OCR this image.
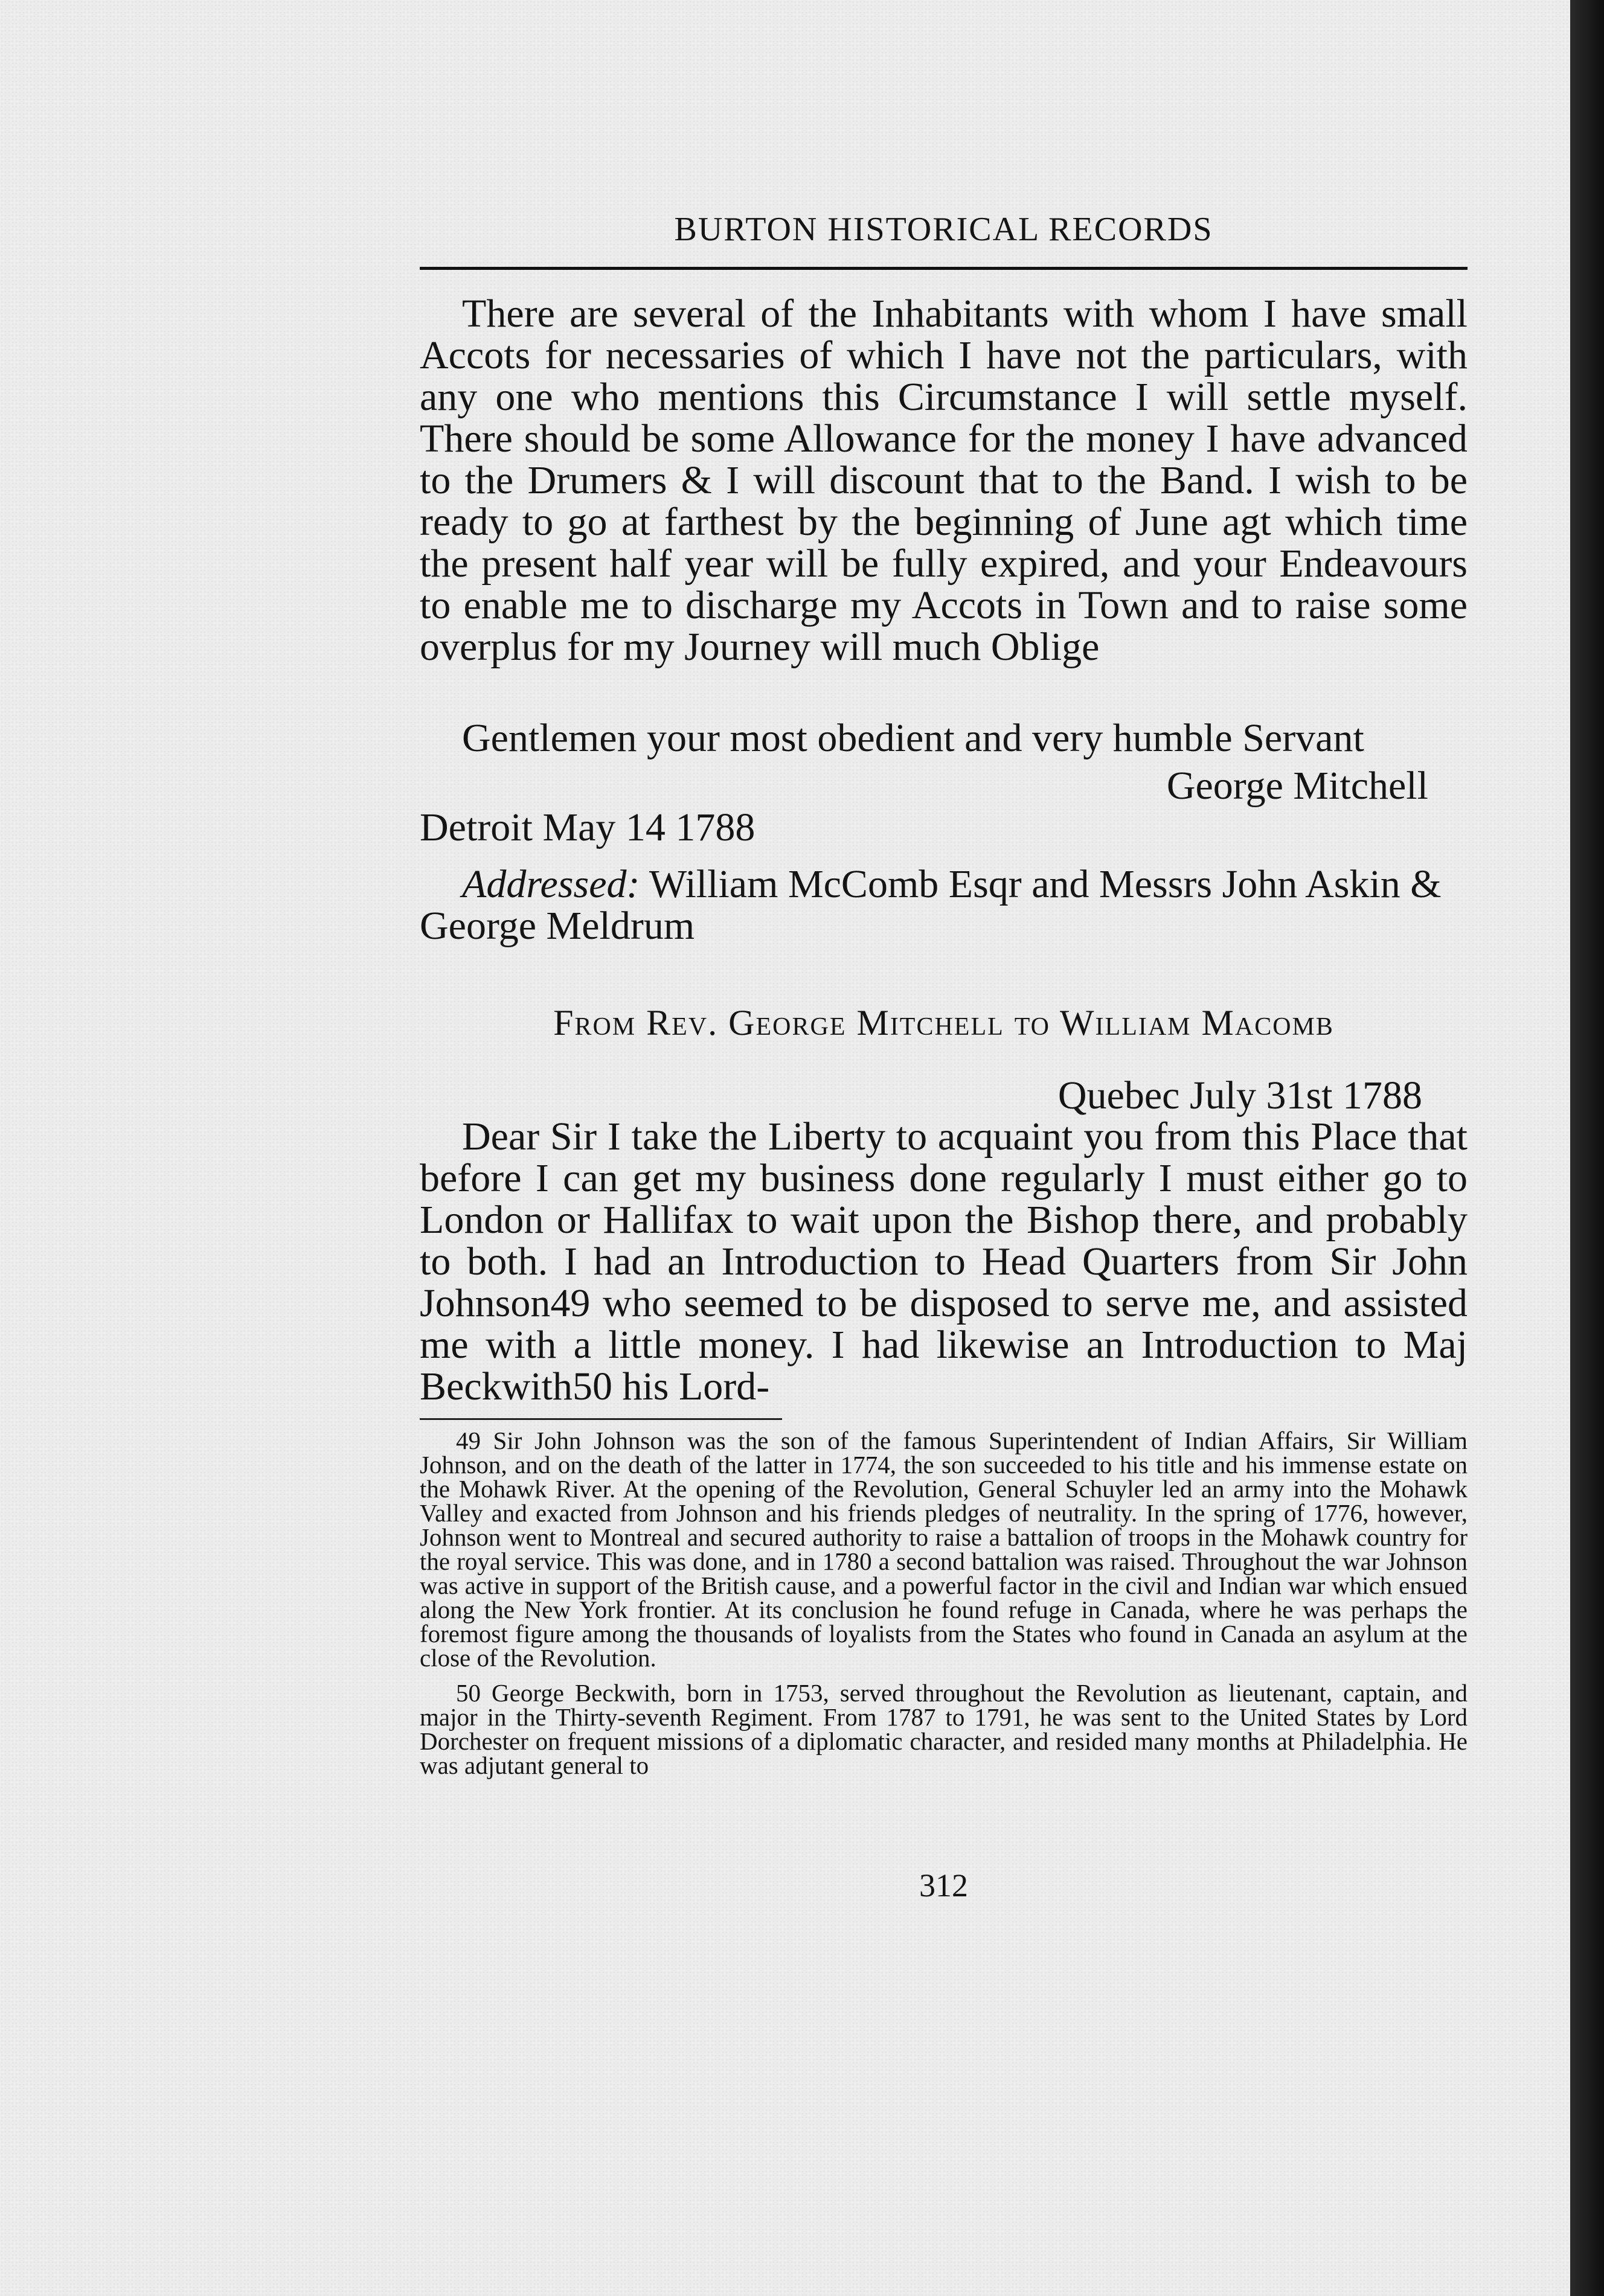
BURTON HISTORICAL RECORDS

There are several of the Inhabitants with whom I have small Accots for necessaries of which I have not the particulars, with any one who mentions this Circumstance I will settle myself. There should be some Allowance for the money I have advanced to the Drumers & I will discount that to the Band. I wish to be ready to go at farthest by the beginning of June agt which time the present half year will be fully expired, and your Endeavours to enable me to discharge my Accots in Town and to raise some overplus for my Journey will much Oblige

Gentlemen your most obedient and very humble Servant
George Mitchell
Detroit May 14 1788
Addressed: William McComb Esqr and Messrs John Askin & George Meldrum
From Rev. George Mitchell to William Macomb
Quebec July 31st 1788

Dear Sir I take the Liberty to acquaint you from this Place that before I can get my business done regularly I must either go to London or Hallifax to wait upon the Bishop there, and probably to both. I had an Introduction to Head Quarters from Sir John Johnson49 who seemed to be disposed to serve me, and assisted me with a little money. I had likewise an Introduction to Maj Beckwith50 his Lord-

49 Sir John Johnson was the son of the famous Superintendent of Indian Affairs, Sir William Johnson, and on the death of the latter in 1774, the son succeeded to his title and his immense estate on the Mohawk River. At the opening of the Revolution, General Schuyler led an army into the Mohawk Valley and exacted from Johnson and his friends pledges of neutrality. In the spring of 1776, however, Johnson went to Montreal and secured authority to raise a battalion of troops in the Mohawk country for the royal service. This was done, and in 1780 a second battalion was raised. Throughout the war Johnson was active in support of the British cause, and a powerful factor in the civil and Indian war which ensued along the New York frontier. At its conclusion he found refuge in Canada, where he was perhaps the foremost figure among the thousands of loyalists from the States who found in Canada an asylum at the close of the Revolution.

50 George Beckwith, born in 1753, served throughout the Revolution as lieutenant, captain, and major in the Thirty-seventh Regiment. From 1787 to 1791, he was sent to the United States by Lord Dorchester on frequent missions of a diplomatic character, and resided many months at Philadelphia. He was adjutant general to

312
